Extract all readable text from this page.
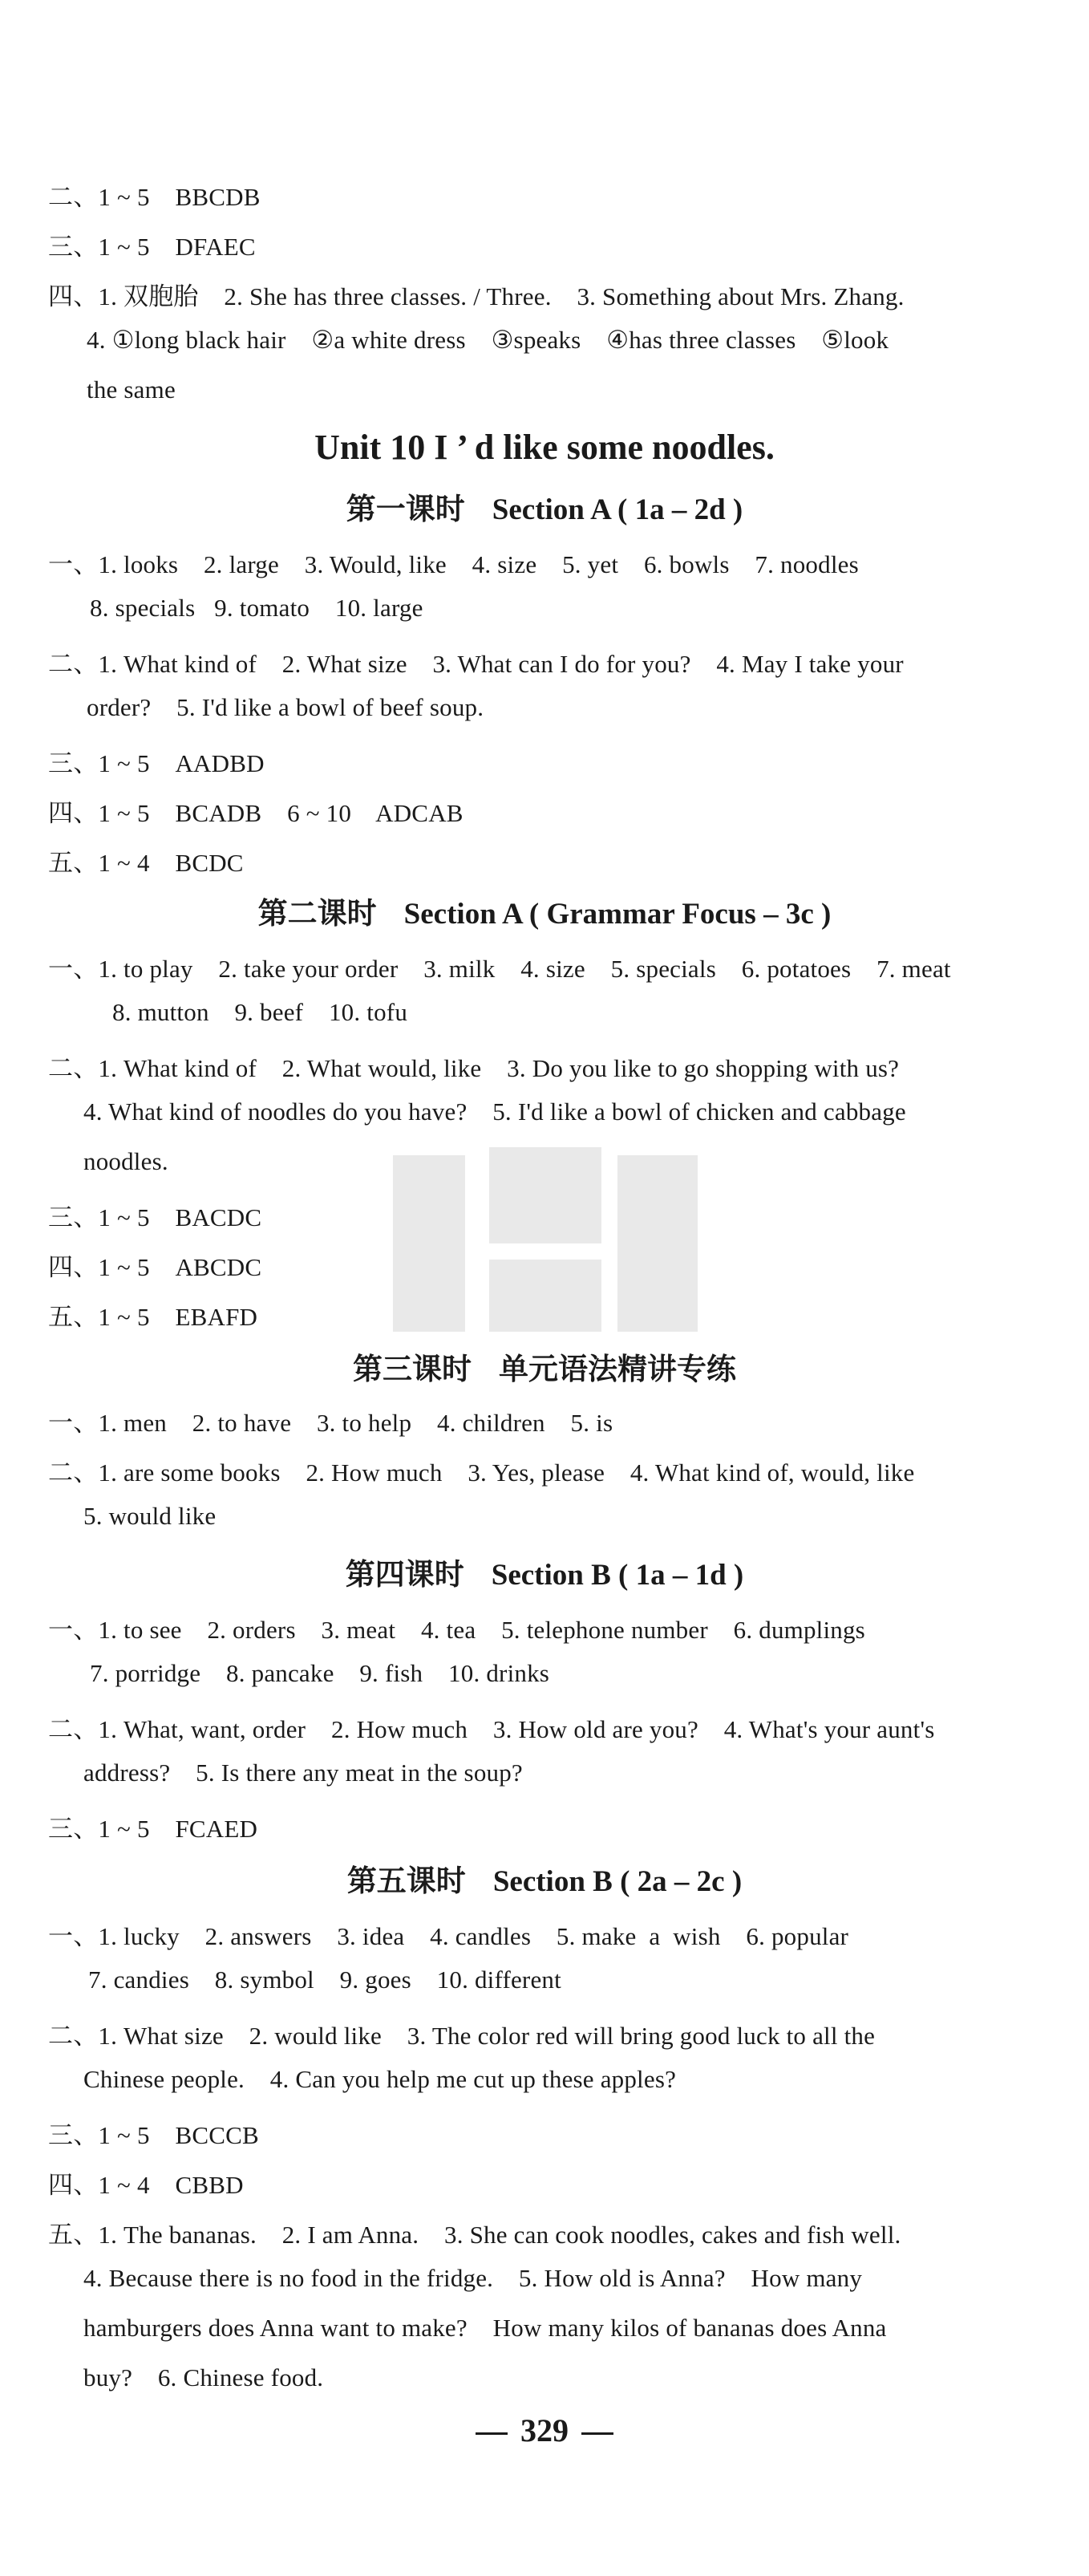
二、1 ~ 5    BBCDB
三、1 ~ 5    DFAEC
四、1. 双胞胎    2. She has three classes. / Three.    3. Something about Mrs. Zhang.
4. ①long black hair    ②a white dress    ③speaks    ④has three classes    ⑤look
the same
Unit 10 I ’ d like some noodles.
第一课时 Section A ( 1a – 2d )
一、1. looks    2. large    3. Would, like    4. size    5. yet    6. bowls    7. noodles
8. specials   9. tomato    10. large
二、1. What kind of    2. What size    3. What can I do for you?    4. May I take your
order?    5. I'd like a bowl of beef soup.
三、1 ~ 5    AADBD
四、1 ~ 5    BCADB    6 ~ 10    ADCAB
五、1 ~ 4    BCDC
第二课时 Section A ( Grammar Focus – 3c )
一、1. to play    2. take your order    3. milk    4. size    5. specials    6. potatoes    7. meat
8. mutton    9. beef    10. tofu
二、1. What kind of    2. What would, like    3. Do you like to go shopping with us?
4. What kind of noodles do you have?    5. I'd like a bowl of chicken and cabbage
noodles.
三、1 ~ 5    BACDC
四、1 ~ 5    ABCDC
五、1 ~ 5    EBAFD
第三课时 单元语法精讲专练
一、1. men    2. to have    3. to help    4. children    5. is
二、1. are some books    2. How much    3. Yes, please    4. What kind of, would, like
5. would like
第四课时 Section B ( 1a – 1d )
一、1. to see    2. orders    3. meat    4. tea    5. telephone number    6. dumplings
7. porridge    8. pancake    9. fish    10. drinks
二、1. What, want, order    2. How much    3. How old are you?    4. What's your aunt's
address?    5. Is there any meat in the soup?
三、1 ~ 5    FCAED
第五课时 Section B ( 2a – 2c )
一、1. lucky    2. answers    3. idea    4. candles    5. make  a  wish    6. popular
7. candies    8. symbol    9. goes    10. different
二、1. What size    2. would like    3. The color red will bring good luck to all the
Chinese people.    4. Can you help me cut up these apples?
三、1 ~ 5    BCCCB
四、1 ~ 4    CBBD
五、1. The bananas.    2. I am Anna.    3. She can cook noodles, cakes and fish well.
4. Because there is no food in the fridge.    5. How old is Anna?    How many
hamburgers does Anna want to make?    How many kilos of bananas does Anna
buy?    6. Chinese food.
329
